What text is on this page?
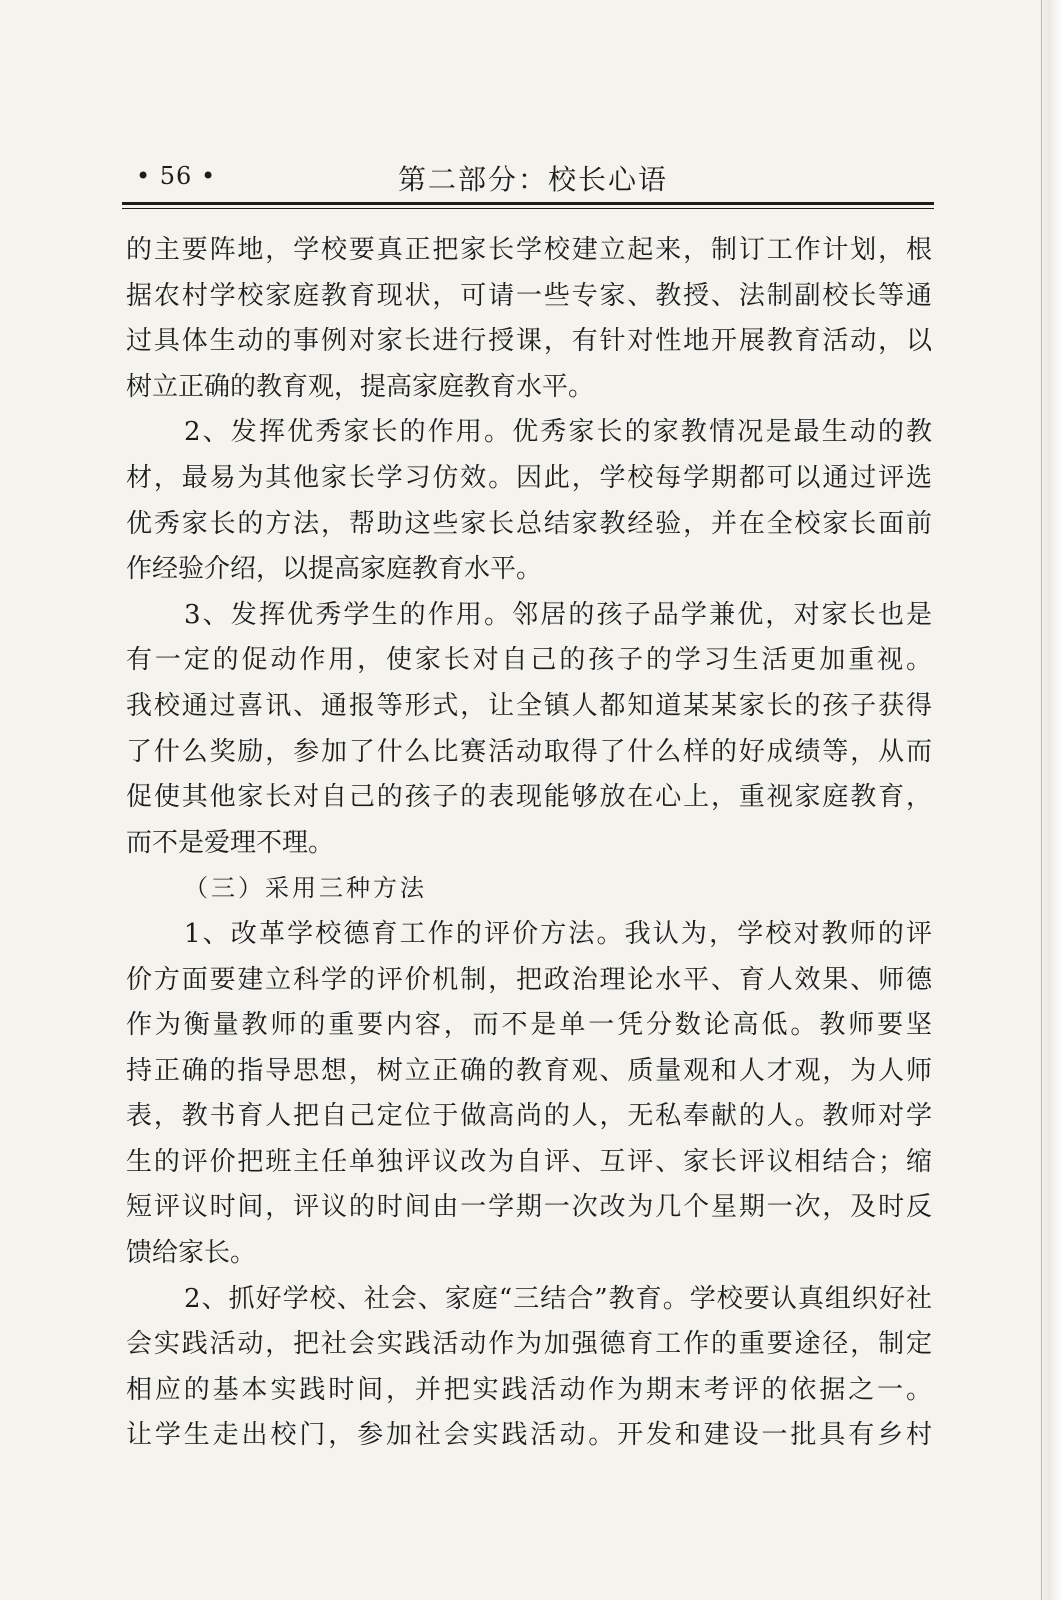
• 56 •	第二部分：校长心语
的主要阵地，学校要真正把家长学校建立起来，制订工作计划，根
据农村学校家庭教育现状，可请一些专家、教授、法制副校长等通
过具体生动的事例对家长进行授课，有针对性地开展教育活动，以
树立正确的教育观，提高家庭教育水平。
2、发挥优秀家长的作用。优秀家长的家教情况是最生动的教
材，最易为其他家长学习仿效。因此，学校每学期都可以通过评选
优秀家长的方法，帮助这些家长总结家教经验，并在全校家长面前
作经验介绍，以提高家庭教育水平。
3、发挥优秀学生的作用。邻居的孩子品学兼优，对家长也是
有一定的促动作用，使家长对自己的孩子的学习生活更加重视。
我校通过喜讯、通报等形式，让全镇人都知道某某家长的孩子获得
了什么奖励，参加了什么比赛活动取得了什么样的好成绩等，从而
促使其他家长对自己的孩子的表现能够放在心上，重视家庭教育，
而不是爱理不理。
（三）采用三种方法
1、改革学校德育工作的评价方法。我认为，学校对教师的评
价方面要建立科学的评价机制，把政治理论水平、育人效果、师德
作为衡量教师的重要内容，而不是单一凭分数论高低。教师要坚
持正确的指导思想，树立正确的教育观、质量观和人才观，为人师
表，教书育人把自己定位于做高尚的人，无私奉献的人。教师对学
生的评价把班主任单独评议改为自评、互评、家长评议相结合；缩
短评议时间，评议的时间由一学期一次改为几个星期一次，及时反
馈给家长。
2、抓好学校、社会、家庭“三结合”教育。学校要认真组织好社
会实践活动，把社会实践活动作为加强德育工作的重要途径，制定
相应的基本实践时间，并把实践活动作为期末考评的依据之一。
让学生走出校门，参加社会实践活动。开发和建设一批具有乡村
